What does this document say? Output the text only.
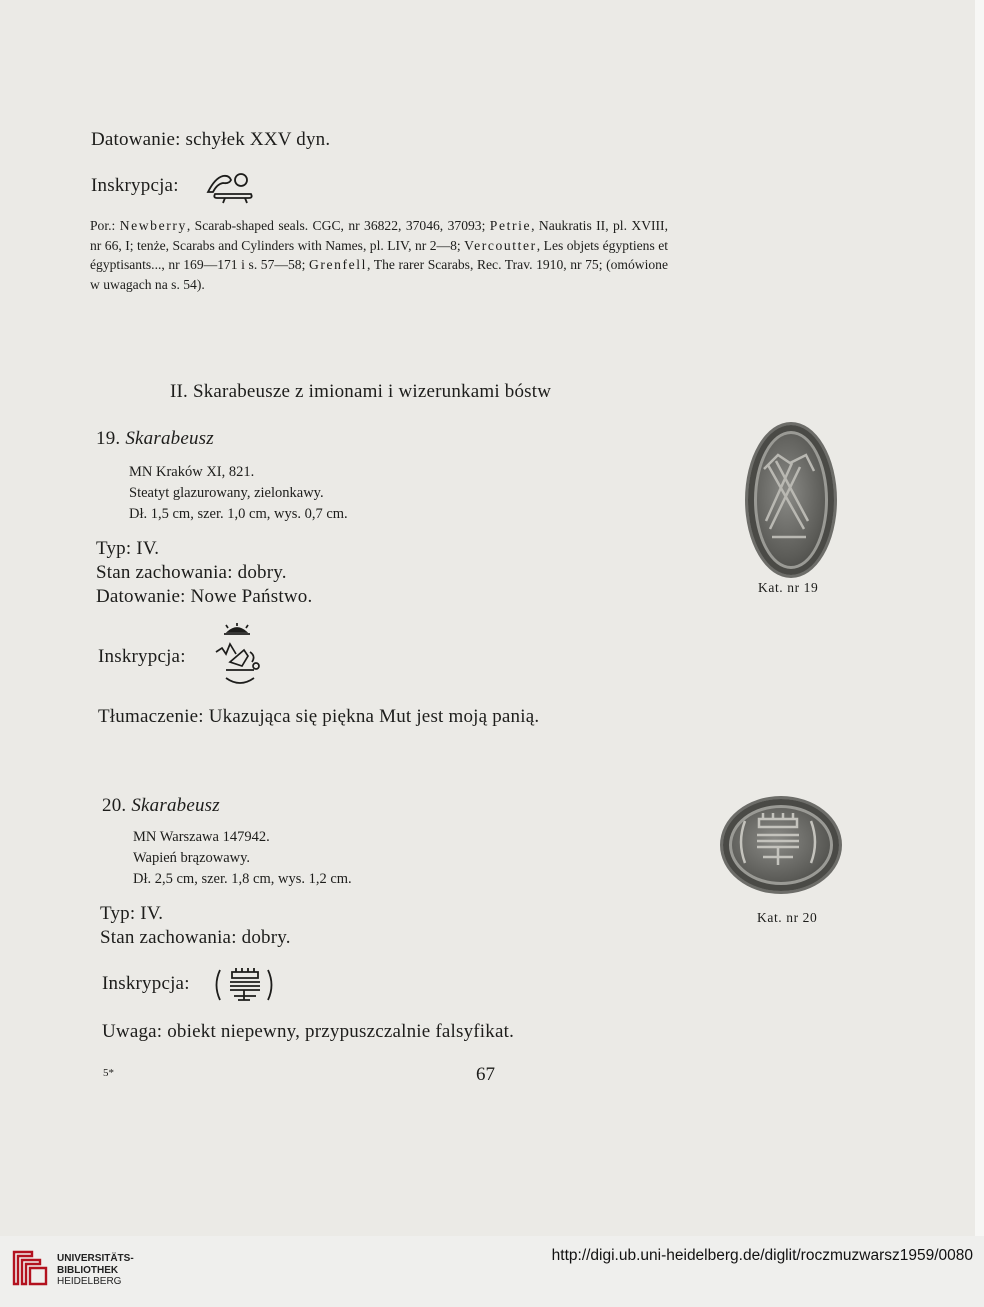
Datowanie: schyłek XXV dyn.
Inskrypcja:
Por.: Newberry, Scarab-shaped seals. CGC, nr 36822, 37046, 37093; Petrie, Naukratis II, pl. XVIII, nr 66, I; tenże, Scarabs and Cylinders with Names, pl. LIV, nr 2—8; Vercoutter, Les objets égyptiens et égyptisants..., nr 169—171 i s. 57—58; Grenfell, The rarer Scarabs, Rec. Trav. 1910, nr 75; (omówione w uwagach na s. 54).
II. Skarabeusze z imionami i wizerunkami bóstw
19. Skarabeusz
MN Kraków XI, 821.
Steatyt glazurowany, zielonkawy.
Dł. 1,5 cm, szer. 1,0 cm, wys. 0,7 cm.
Typ: IV.
Stan zachowania: dobry.
Datowanie: Nowe Państwo.
Inskrypcja:
Tłumaczenie: Ukazująca się piękna Mut jest moją panią.
Kat. nr 19
20. Skarabeusz
MN Warszawa 147942.
Wapień brązowawy.
Dł. 2,5 cm, szer. 1,8 cm, wys. 1,2 cm.
Typ: IV.
Stan zachowania: dobry.
Inskrypcja:
Uwaga: obiekt niepewny, przypuszczalnie falsyfikat.
Kat. nr 20
5*	67
UNIVERSITÄTS-
BIBLIOTHEK
HEIDELBERG
http://digi.ub.uni-heidelberg.de/diglit/roczmuzwarsz1959/0080
